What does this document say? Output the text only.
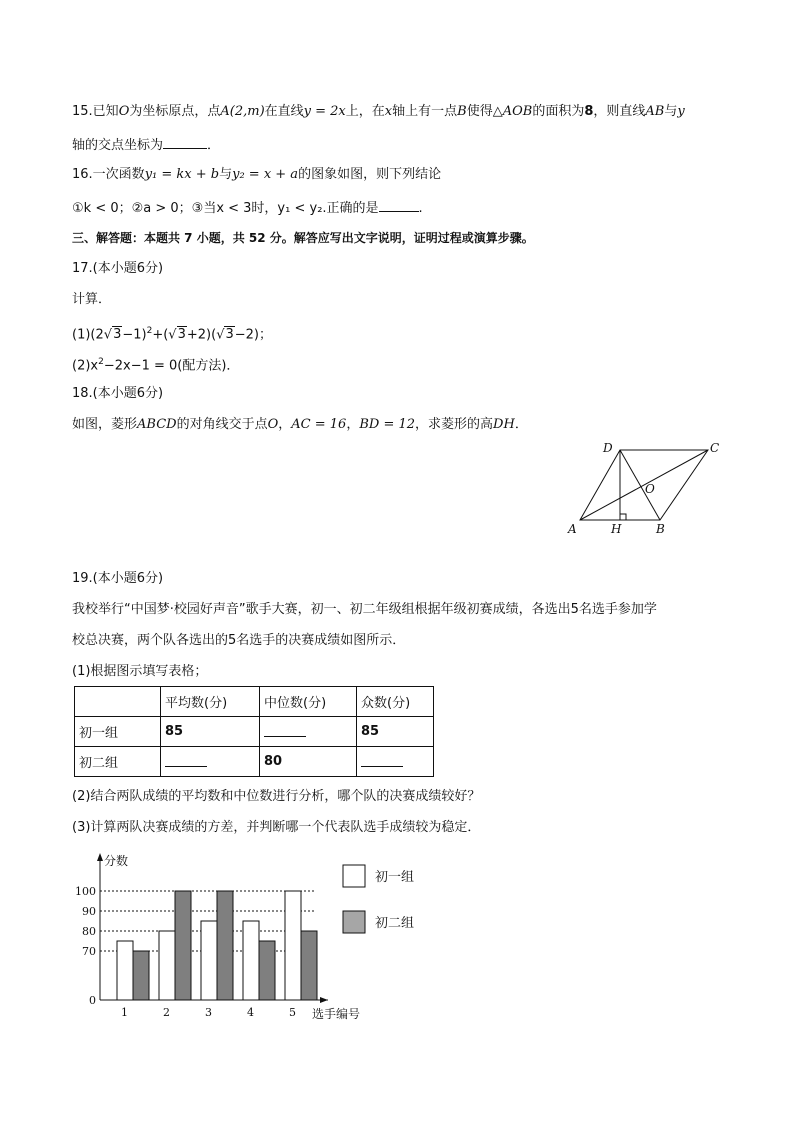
15.已知O为坐标原点，点A(2,m)在直线y = 2x上，在x轴上有一点B使得△AOB的面积为8，则直线AB与y
轴的交点坐标为	．
16.一次函数y₁ = kx + b与y₂ = x + a的图象如图，则下列结论
①k < 0；②a > 0；③当x < 3时，y₁ < y₂.正确的是	.
三、解答题：本题共 7 小题，共 52 分。解答应写出文字说明，证明过程或演算步骤。
17.(本小题6分)
计算．
$(1)(2√3-1)^2+(√3+2)(√3-2)$；
$(2)x^2-2x-1 = 0$(配方法)．
18.(本小题6分)
如图，菱形ABCD的对角线交于点O，AC = 16，BD = 12，求菱形的高DH．
D	C
O
A	H	B
19.(本小题6分)
我校举行“中国梦·校园好声音”歌手大赛，初一、初二年级组根据年级初赛成绩，各选出5名选手参加学
校总决赛，两个队各选出的5名选手的决赛成绩如图所示．
(1)根据图示填写表格；
	平均数(分)	中位数(分)	众数(分)
初一组	85		85
初二组		80	
(2)结合两队成绩的平均数和中位数进行分析，哪个队的决赛成绩较好？
(3)计算两队决赛成绩的方差，并判断哪一个代表队选手成绩较为稳定．
0
70
80
90
100
1	2	3	4	5
分数
选手编号
初一组
初二组
